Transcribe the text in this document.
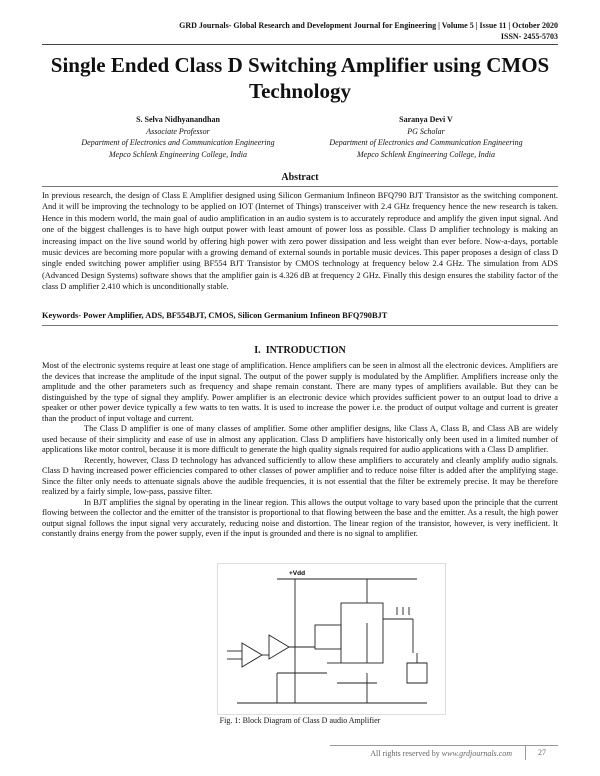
GRD Journals- Global Research and Development Journal for Engineering | Volume 5 | Issue 11 | October 2020
ISSN- 2455-5703
Single Ended Class D Switching Amplifier using CMOS Technology
S. Selva Nidhyanandhan
Associate Professor
Department of Electronics and Communication Engineering
Mepco Schlenk Engineering College, India
Saranya Devi V
PG Scholar
Department of Electronics and Communication Engineering
Mepco Schlenk Engineering College, India
Abstract
In previous research, the design of Class E Amplifier designed using Silicon Germanium Infineon BFQ790 BJT Transistor as the switching component. And it will be improving the technology to be applied on IOT (Internet of Things) transceiver with 2.4 GHz frequency hence the new research is taken. Hence in this modern world, the main goal of audio amplification in an audio system is to accurately reproduce and amplify the given input signal. And one of the biggest challenges is to have high output power with least amount of power loss as possible. Class D amplifier technology is making an increasing impact on the live sound world by offering high power with zero power dissipation and less weight than ever before. Now-a-days, portable music devices are becoming more popular with a growing demand of external sounds in portable music devices. This paper proposes a design of class D single ended switching power amplifier using BF554 BJT Transistor by CMOS technology at frequency below 2.4 GHz. The simulation from ADS (Advanced Design Systems) software shows that the amplifier gain is 4.326 dB at frequency 2 GHz. Finally this design ensures the stability factor of the class D amplifier 2.410 which is unconditionally stable.
Keywords- Power Amplifier, ADS, BF554BJT, CMOS, Silicon Germanium Infineon BFQ790BJT
I. INTRODUCTION

Most of the electronic systems require at least one stage of amplification. Hence amplifiers can be seen in almost all the electronic devices. Amplifiers are the devices that increase the amplitude of the input signal. The output of the power supply is modulated by the Amplifier. Amplifiers increase only the amplitude and the other parameters such as frequency and shape remain constant. There are many types of amplifiers available. But they can be distinguished by the type of signal they amplify. Power amplifier is an electronic device which provides sufficient power to an output load to drive a speaker or other power device typically a few watts to ten watts. It is used to increase the power i.e. the product of output voltage and current is greater than the product of input voltage and current.

The Class D amplifier is one of many classes of amplifier. Some other amplifier designs, like Class A, Class B, and Class AB are widely used because of their simplicity and ease of use in almost any application. Class D amplifiers have historically only been used in a limited number of applications like motor control, because it is more difficult to generate the high quality signals required for audio applications with a Class D amplifier.

Recently, however, Class D technology has advanced sufficiently to allow these amplifiers to accurately and cleanly amplify audio signals. Class D having increased power efficiencies compared to other classes of power amplifier and to reduce noise filter is added after the amplifying stage. Since the filter only needs to attenuate signals above the audible frequencies, it is not essential that the filter be extremely precise. It may be therefore realized by a fairly simple, low-pass, passive filter.

In BJT amplifies the signal by operating in the linear region. This allows the output voltage to vary based upon the principle that the current flowing between the collector and the emitter of the transistor is proportional to that flowing between the base and the emitter. As a result, the high power output signal follows the input signal very accurately, reducing noise and distortion. The linear region of the transistor, however, is very inefficient. It constantly drains energy from the power supply, even if the input is grounded and there is no signal to amplifier.

+Vdd
Fig. 1: Block Diagram of Class D audio Amplifier
All rights reserved by www.grdjournals.com	27
